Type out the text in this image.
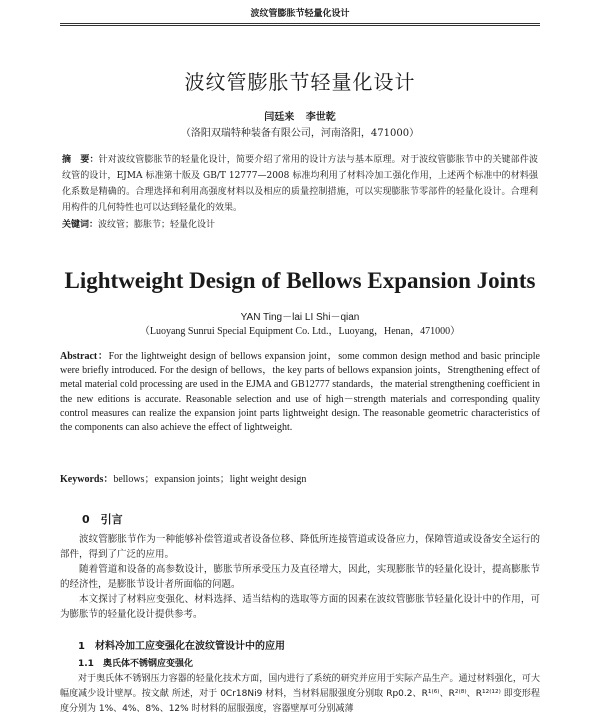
波纹管膨胀节轻量化设计
波纹管膨胀节轻量化设计
闫廷来 李世乾
（洛阳双瑞特种装备有限公司，河南洛阳，471000）
摘　要：针对波纹管膨胀节的轻量化设计，简要介绍了常用的设计方法与基本原理。对于波纹管膨胀节中的关键部件波纹管的设计，EJMA 标准第十版及 GB/T 12777—2008 标准均利用了材料冷加工强化作用，上述两个标准中的材料强化系数是精确的。合理选择和利用高强度材料以及相应的质量控制措施，可以实现膨胀节零部件的轻量化设计。合理利用构件的几何特性也可以达到轻量化的效果。
关键词：波纹管；膨胀节；轻量化设计
Lightweight Design of Bellows Expansion Joints
YAN Ting－lai LI Shi－qian
（Luoyang Sunrui Special Equipment Co. Ltd.，Luoyang，Henan，471000）
Abstract：For the lightweight design of bellows expansion joint，some common design method and basic principle were briefly introduced. For the design of bellows，the key parts of bellows expansion joints，Strengthening effect of metal material cold processing are used in the EJMA and GB12777 standards，the material strengthening coefficient in the new editions is accurate. Reasonable selection and use of high－strength materials and corresponding quality control measures can realize the expansion joint parts lightweight design. The reasonable geometric characteristics of the components can also achieve the effect of lightweight.
Keywords：bellows；expansion joints；light weight design
0　引言

波纹管膨胀节作为一种能够补偿管道或者设备位移、降低所连接管道或设备应力，保障管道或设备安全运行的部件，得到了广泛的应用。

随着管道和设备的高参数设计，膨胀节所承受压力及直径增大，因此，实现膨胀节的轻量化设计，提高膨胀节的经济性，是膨胀节设计者所面临的问题。

本文探讨了材料应变强化、材料选择、适当结构的选取等方面的因素在波纹管膨胀节轻量化设计中的作用，可为膨胀节的轻量化设计提供参考。

1　材料冷加工应变强化在波纹管设计中的应用
1.1　奥氏体不锈钢应变强化

对于奥氏体不锈钢压力容器的轻量化技术方面，国内进行了系统的研究并应用于实际产品生产。通过材料强化，可大幅度减少设计壁厚。按文献 所述，对于 0Cr18Ni9 材料，当材料屈服强度分别取 Rp0.2、R¹⁽⁶⁾、R²⁽⁸⁾、R¹²⁽¹²⁾ 即变形程度分别为 1%、4%、8%、12% 时材料的屈服强度，容器壁厚可分别减薄
